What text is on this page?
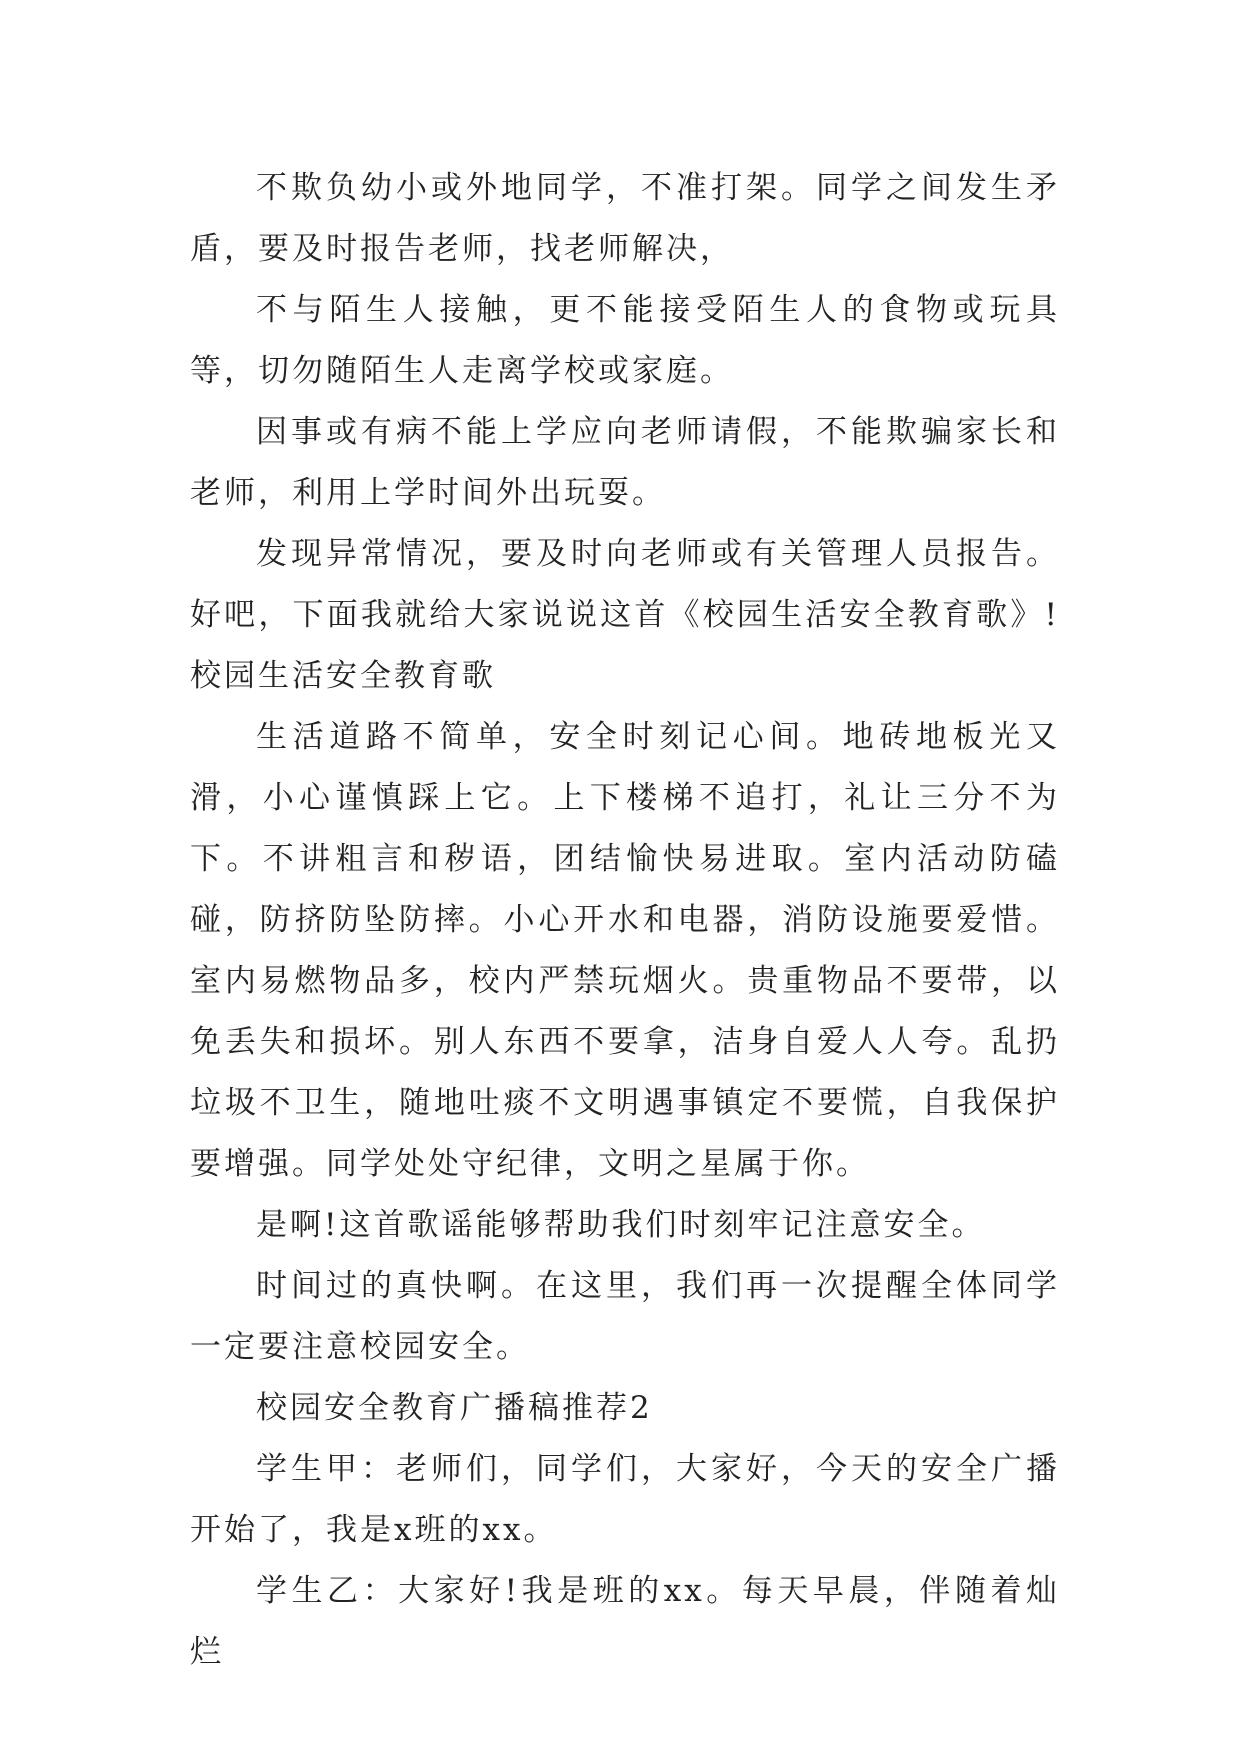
不欺负幼小或外地同学，不准打架。同学之间发生矛盾，要及时报告老师，找老师解决，

不与陌生人接触，更不能接受陌生人的食物或玩具等，切勿随陌生人走离学校或家庭。

因事或有病不能上学应向老师请假，不能欺骗家长和老师，利用上学时间外出玩耍。

发现异常情况，要及时向老师或有关管理人员报告。好吧，下面我就给大家说说这首《校园生活安全教育歌》!校园生活安全教育歌

生活道路不简单，安全时刻记心间。地砖地板光又滑，小心谨慎踩上它。上下楼梯不追打，礼让三分不为下。不讲粗言和秽语，团结愉快易进取。室内活动防磕碰，防挤防坠防摔。小心开水和电器，消防设施要爱惜。室内易燃物品多，校内严禁玩烟火。贵重物品不要带，以免丢失和损坏。别人东西不要拿，洁身自爱人人夸。乱扔垃圾不卫生，随地吐痰不文明遇事镇定不要慌，自我保护要增强。同学处处守纪律，文明之星属于你。

是啊!这首歌谣能够帮助我们时刻牢记注意安全。

时间过的真快啊。在这里，我们再一次提醒全体同学一定要注意校园安全。

校园安全教育广播稿推荐2

学生甲：老师们，同学们，大家好，今天的安全广播开始了，我是x班的xx。

学生乙：大家好!我是班的xx。每天早晨，伴随着灿烂
